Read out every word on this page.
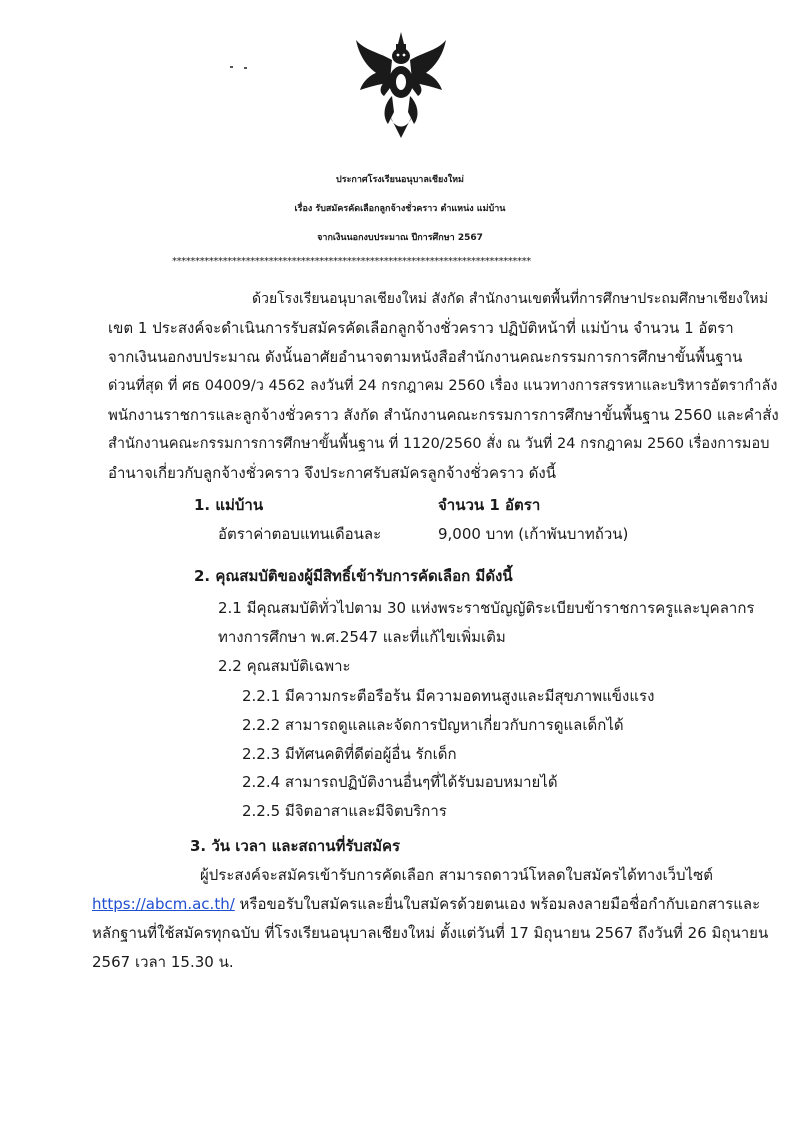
ประกาศโรงเรียนอนุบาลเชียงใหม่
เรื่อง รับสมัครคัดเลือกลูกจ้างชั่วคราว ตำแหน่ง แม่บ้าน
จากเงินนอกงบประมาณ ปีการศึกษา 2567
******************************************************************************
ด้วยโรงเรียนอนุบาลเชียงใหม่ สังกัด สำนักงานเขตพื้นที่การศึกษาประถมศึกษาเชียงใหม่
เขต 1 ประสงค์จะดำเนินการรับสมัครคัดเลือกลูกจ้างชั่วคราว ปฏิบัติหน้าที่ แม่บ้าน จำนวน 1 อัตรา
จากเงินนอกงบประมาณ ดังนั้นอาศัยอำนาจตามหนังสือสำนักงานคณะกรรมการการศึกษาขั้นพื้นฐาน
ด่วนที่สุด ที่ ศธ 04009/ว 4562 ลงวันที่ 24 กรกฎาคม 2560 เรื่อง แนวทางการสรรหาและบริหารอัตรากำลัง
พนักงานราชการและลูกจ้างชั่วคราว สังกัด สำนักงานคณะกรรมการการศึกษาขั้นพื้นฐาน 2560 และคำสั่ง
สำนักงานคณะกรรมการการศึกษาขั้นพื้นฐาน ที่ 1120/2560 สั่ง ณ วันที่ 24 กรกฎาคม 2560 เรื่องการมอบ
อำนาจเกี่ยวกับลูกจ้างชั่วคราว จึงประกาศรับสมัครลูกจ้างชั่วคราว ดังนี้
1. แม่บ้าน	จำนวน 1 อัตรา
อัตราค่าตอบแทนเดือนละ	9,000 บาท (เก้าพันบาทถ้วน)
2. คุณสมบัติของผู้มีสิทธิ์เข้ารับการคัดเลือก มีดังนี้
2.1 มีคุณสมบัติทั่วไปตาม 30 แห่งพระราชบัญญัติระเบียบข้าราชการครูและบุคลากร
ทางการศึกษา พ.ศ.2547 และที่แก้ไขเพิ่มเติม
2.2 คุณสมบัติเฉพาะ
2.2.1 มีความกระตือรือร้น มีความอดทนสูงและมีสุขภาพแข็งแรง
2.2.2 สามารถดูแลและจัดการปัญหาเกี่ยวกับการดูแลเด็กได้
2.2.3 มีทัศนคติที่ดีต่อผู้อื่น รักเด็ก
2.2.4 สามารถปฏิบัติงานอื่นๆที่ได้รับมอบหมายได้
2.2.5 มีจิตอาสาและมีจิตบริการ
3. วัน เวลา และสถานที่รับสมัคร
ผู้ประสงค์จะสมัครเข้ารับการคัดเลือก สามารถดาวน์โหลดใบสมัครได้ทางเว็บไซต์
https://abcm.ac.th/ หรือขอรับใบสมัครและยื่นใบสมัครด้วยตนเอง พร้อมลงลายมือชื่อกำกับเอกสารและ
หลักฐานที่ใช้สมัครทุกฉบับ ที่โรงเรียนอนุบาลเชียงใหม่ ตั้งแต่วันที่ 17 มิถุนายน 2567 ถึงวันที่ 26 มิถุนายน
2567 เวลา 15.30 น.
